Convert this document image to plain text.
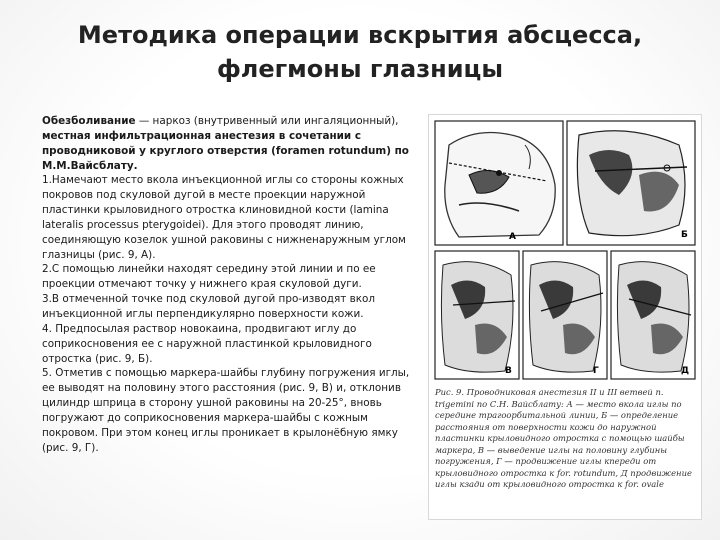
Методика операции вскрытия абсцесса,
флегмоны глазницы

Обезболивание — наркоз (внутривенный или ингаляционный), местная инфильтрационная анестезия в сочетании с проводниковой у круглого отверстия (foramen rotundum) по М.М.Вайсблату.

1.Намечают место вкола инъекционной иглы со стороны кожных покровов под скуловой дугой в месте проекции наружной пластинки крыловидного отростка клиновидной кости (lamina lateralis processus pterygoidei). Для этого проводят линию, соединяющую козелок ушной раковины с нижненаружным углом глазницы (рис. 9, А).

2.С помощью линейки находят середину этой линии и по ее проекции отмечают точку у нижнего края скуловой дуги.

3.В отмеченной точке под скуловой дугой про-изводят вкол инъекционной иглы перпендикулярно поверхности кожи.

4. Предпосылая раствор новокаина, продвигают иглу до соприкосновения ее с наружной пластинкой крыловидного отростка (рис. 9, Б).

5. Отметив с помощью маркера-шайбы глубину погружения иглы, ее выводят на половину этого расстояния (рис. 9, В) и, отклонив цилиндр шприца в сторону ушной раковины на 20-25°, вновь погружают до соприкосновения маркера-шайбы с кожным покровом. При этом конец иглы проникает в крылонёбную ямку (рис. 9, Г).

А	Б
В	Г	Д
Рис. 9. Проводниковая анестезия II и III ветвей n. trigemini по С.Н. Вайсблату: А — место вкола иглы по середине трагоорбитальной линии, Б — определение расстояния от поверхности кожи до наружной пластинки крыловидного отростка с помощью шайбы маркера, В — выведение иглы на половину глубины погружения, Г — продвижение иглы кпереди от крыловидного отростка к for. rotundum, Д продвижение иглы кзади от крыловидного отростка к for. ovale
